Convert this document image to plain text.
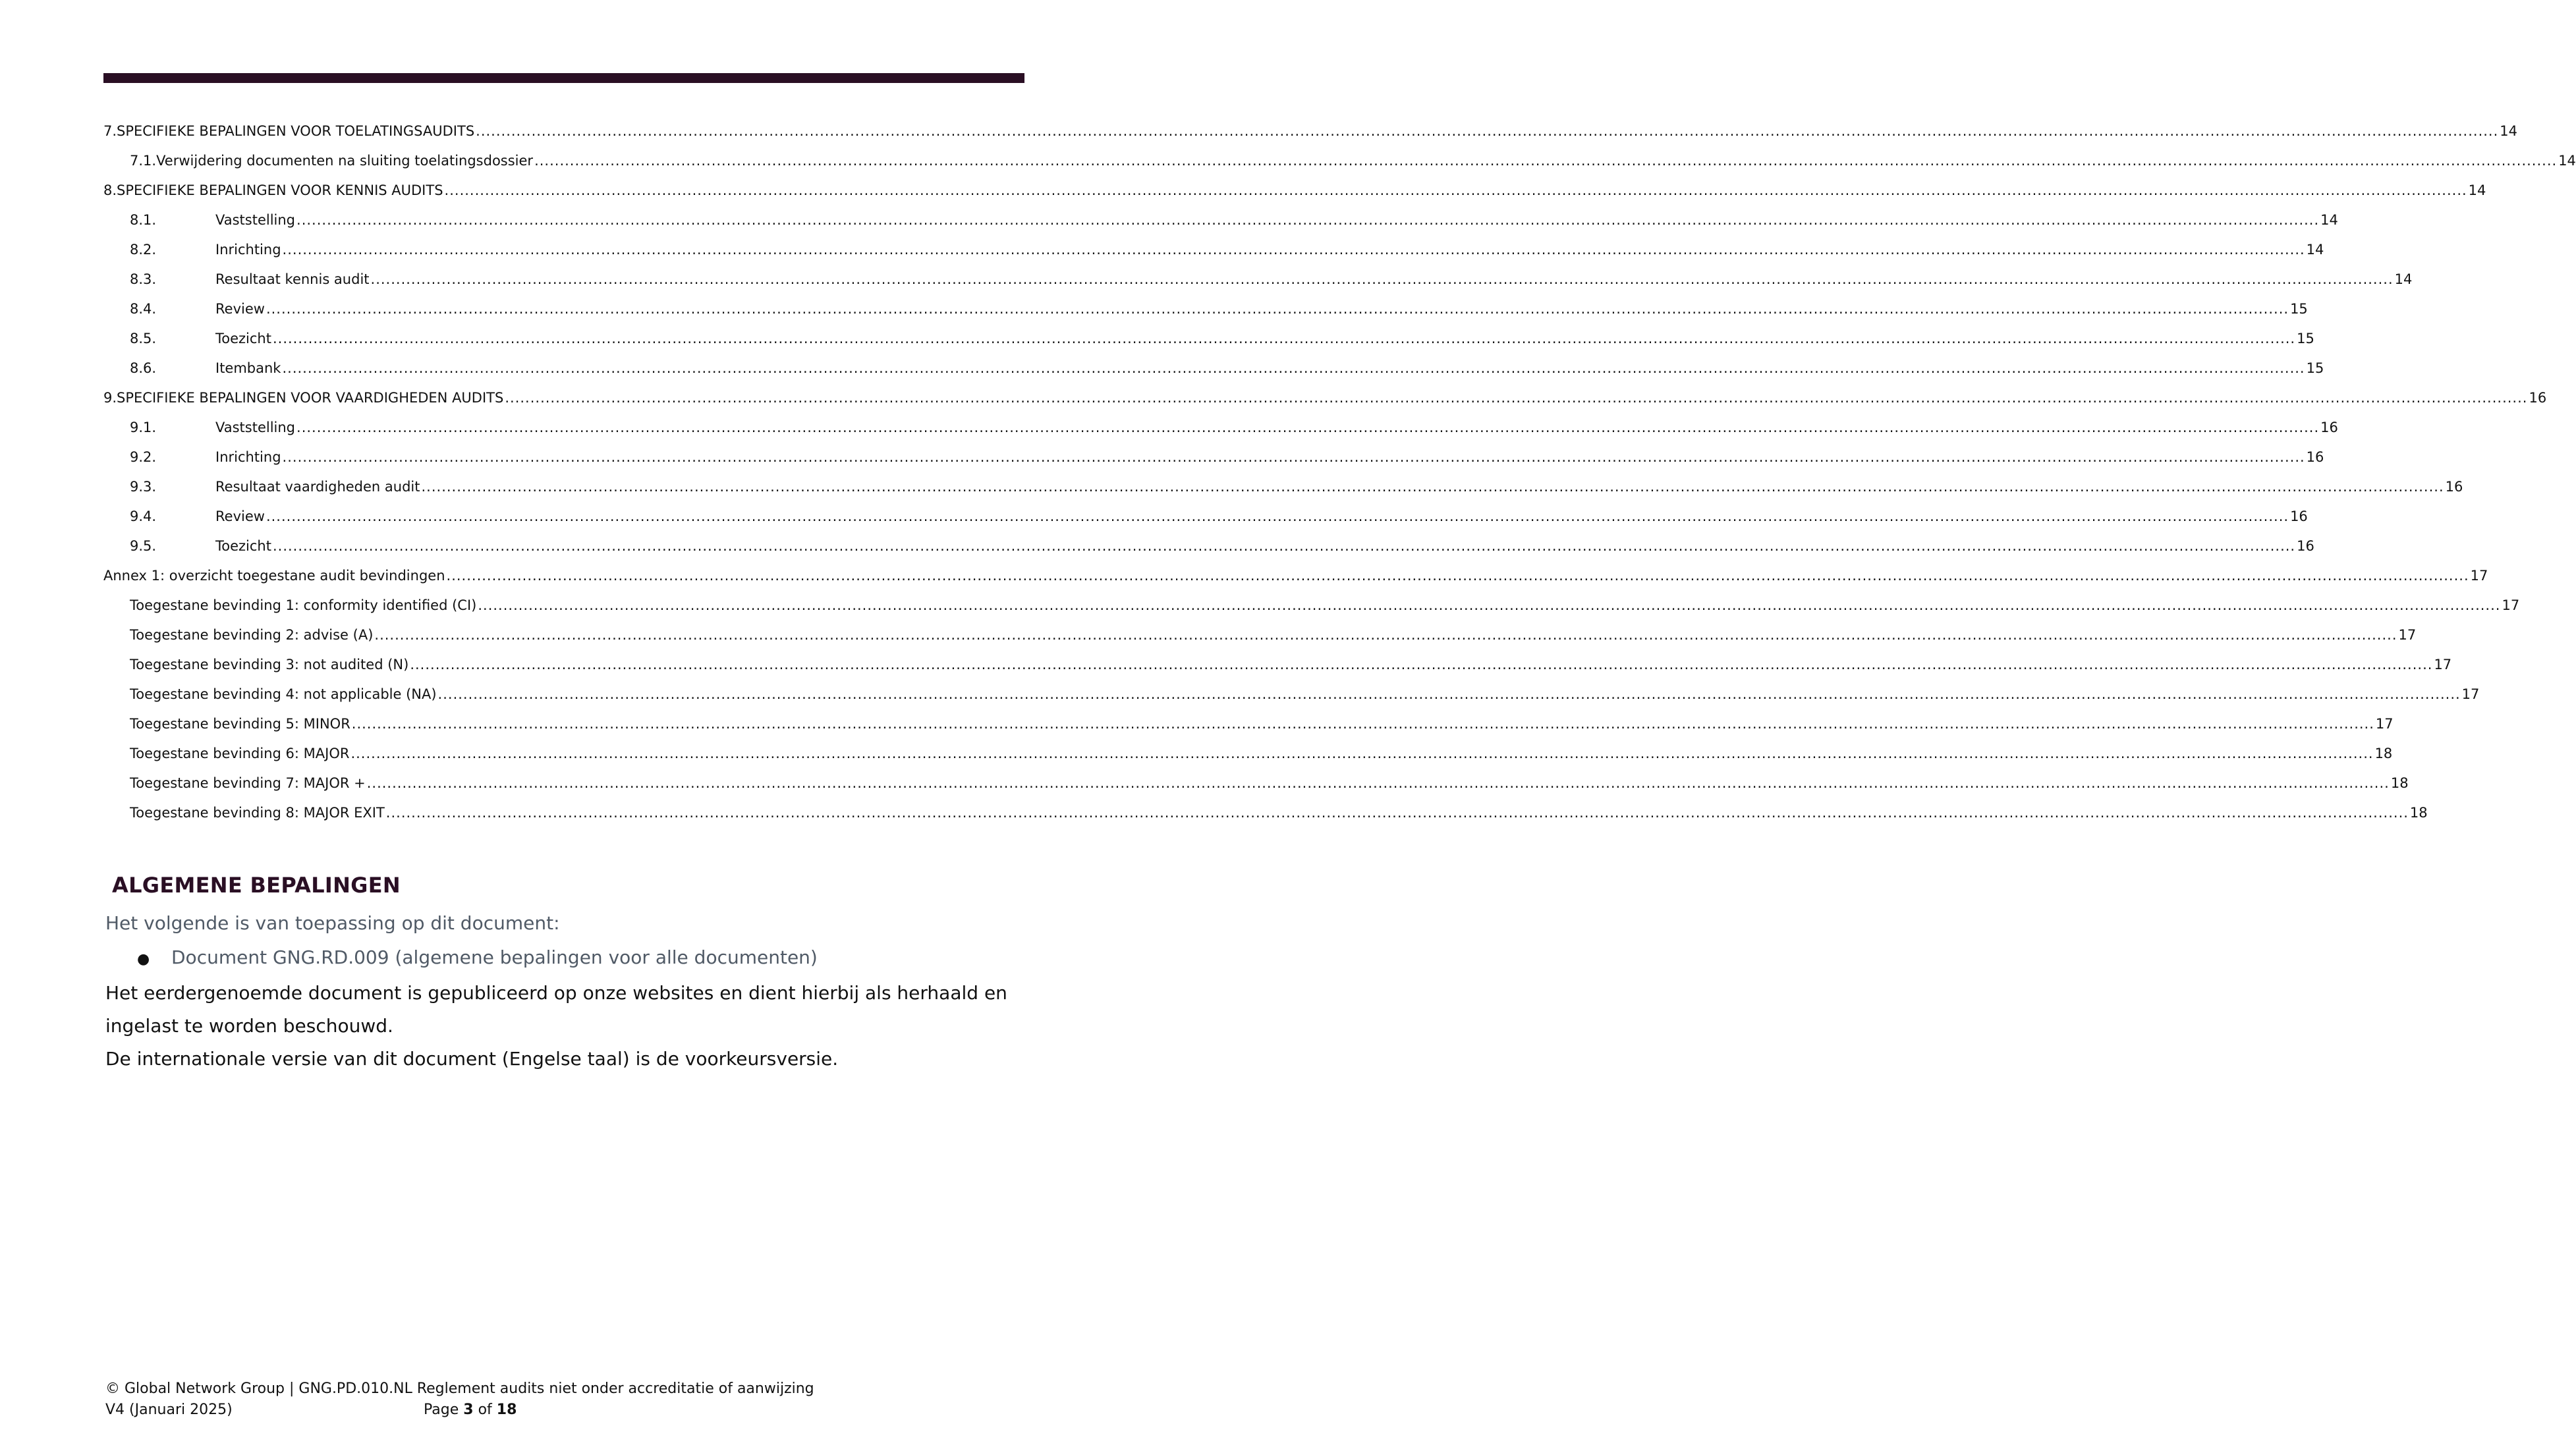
7.SPECIFIEKE BEPALINGEN VOOR TOELATINGSAUDITS ................................................................................................................................................................................................................................................................................................................................................................................................................ 14
7.1.Verwijdering documenten na sluiting toelatingsdossier ................................................................................................................................................................................................................................................................................................................................................................................................................ 14
8.SPECIFIEKE BEPALINGEN VOOR KENNIS AUDITS ................................................................................................................................................................................................................................................................................................................................................................................................................ 14
8.1.	Vaststelling ................................................................................................................................................................................................................................................................................................................................................................................................................ 14
8.2.	Inrichting ................................................................................................................................................................................................................................................................................................................................................................................................................ 14
8.3.	Resultaat kennis audit ................................................................................................................................................................................................................................................................................................................................................................................................................ 14
8.4.	Review ................................................................................................................................................................................................................................................................................................................................................................................................................ 15
8.5.	Toezicht ................................................................................................................................................................................................................................................................................................................................................................................................................ 15
8.6.	Itembank ................................................................................................................................................................................................................................................................................................................................................................................................................ 15
9.SPECIFIEKE BEPALINGEN VOOR VAARDIGHEDEN AUDITS ................................................................................................................................................................................................................................................................................................................................................................................................................ 16
9.1.	Vaststelling ................................................................................................................................................................................................................................................................................................................................................................................................................ 16
9.2.	Inrichting ................................................................................................................................................................................................................................................................................................................................................................................................................ 16
9.3.	Resultaat vaardigheden audit ................................................................................................................................................................................................................................................................................................................................................................................................................ 16
9.4.	Review ................................................................................................................................................................................................................................................................................................................................................................................................................ 16
9.5.	Toezicht ................................................................................................................................................................................................................................................................................................................................................................................................................ 16
Annex 1: overzicht toegestane audit bevindingen ................................................................................................................................................................................................................................................................................................................................................................................................................ 17
Toegestane bevinding 1: conformity identified (CI) ................................................................................................................................................................................................................................................................................................................................................................................................................ 17
Toegestane bevinding 2: advise (A) ................................................................................................................................................................................................................................................................................................................................................................................................................ 17
Toegestane bevinding 3: not audited (N) ................................................................................................................................................................................................................................................................................................................................................................................................................ 17
Toegestane bevinding 4: not applicable (NA) ................................................................................................................................................................................................................................................................................................................................................................................................................ 17
Toegestane bevinding 5: MINOR ................................................................................................................................................................................................................................................................................................................................................................................................................ 17
Toegestane bevinding 6: MAJOR ................................................................................................................................................................................................................................................................................................................................................................................................................ 18
Toegestane bevinding 7: MAJOR + ................................................................................................................................................................................................................................................................................................................................................................................................................ 18
Toegestane bevinding 8: MAJOR EXIT ................................................................................................................................................................................................................................................................................................................................................................................................................ 18
ALGEMENE BEPALINGEN
Het volgende is van toepassing op dit document:
●	Document GNG.RD.009 (algemene bepalingen voor alle documenten)

Het eerdergenoemde document is gepubliceerd op onze websites en dient hierbij als herhaald en ingelast te worden beschouwd.

De internationale versie van dit document (Engelse taal) is de voorkeursversie.

© Global Network Group | GNG.PD.010.NL Reglement audits niet onder accreditatie of aanwijzing
V4 (Januari 2025)	Page 3 of 18
